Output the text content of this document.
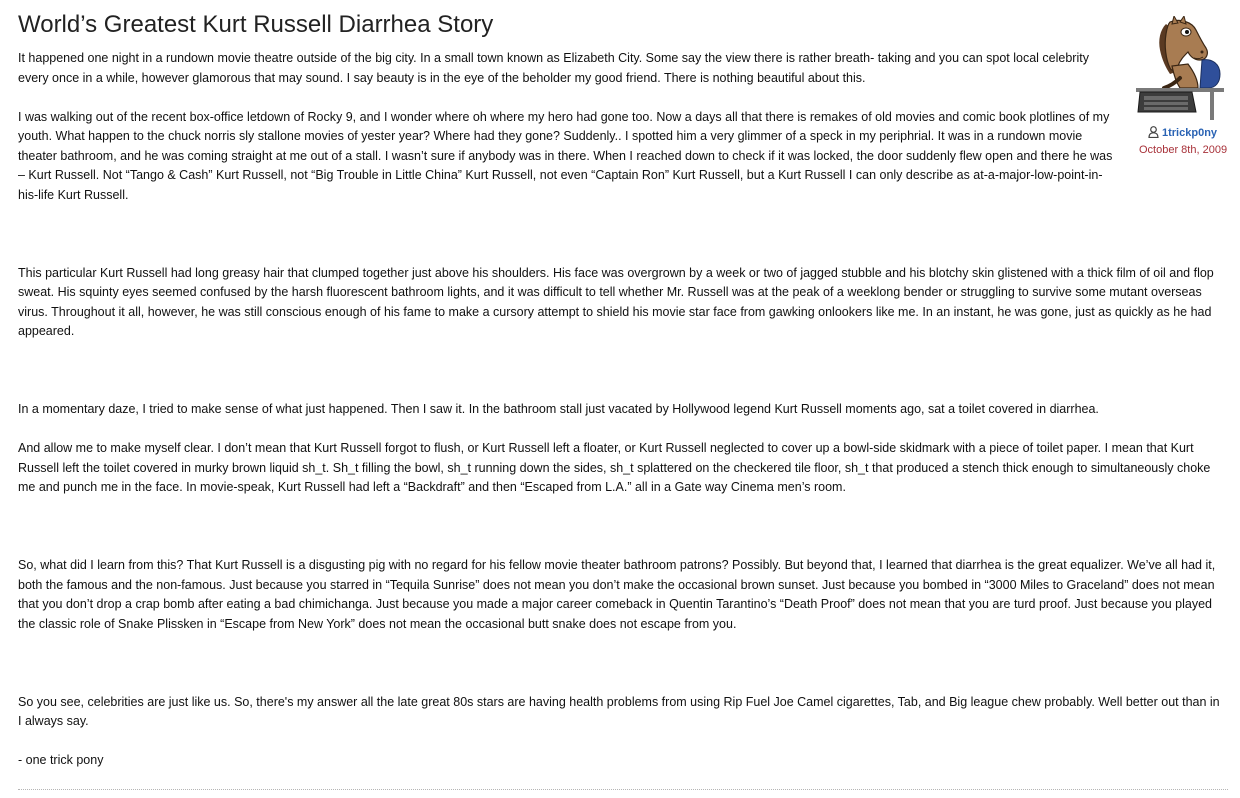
World’s Greatest Kurt Russell Diarrhea Story
1trickp0ny
October 8th, 2009

It happened one night in a rundown movie theatre outside of the big city. In a small town known as Elizabeth City. Some say the view there is rather breath- taking and you can spot local celebrity every once in a while, however glamorous that may sound. I say beauty is in the eye of the beholder my good friend. There is nothing beautiful about this.

I was walking out of the recent box-office letdown of Rocky 9, and I wonder where oh where my hero had gone too. Now a days all that there is remakes of old movies and comic book plotlines of my youth. What happen to the chuck norris sly stallone movies of yester year? Where had they gone? Suddenly.. I spotted him a very glimmer of a speck in my periphrial. It was in a rundown movie theater bathroom, and he was coming straight at me out of a stall. I wasn’t sure if anybody was in there. When I reached down to check if it was locked, the door suddenly flew open and there he was – Kurt Russell. Not “Tango & Cash” Kurt Russell, not “Big Trouble in Little China” Kurt Russell, not even “Captain Ron” Kurt Russell, but a Kurt Russell I can only describe as at-a-major-low-point-in-his-life Kurt Russell.

This particular Kurt Russell had long greasy hair that clumped together just above his shoulders. His face was overgrown by a week or two of jagged stubble and his blotchy skin glistened with a thick film of oil and flop sweat. His squinty eyes seemed confused by the harsh fluorescent bathroom lights, and it was difficult to tell whether Mr. Russell was at the peak of a weeklong bender or struggling to survive some mutant overseas virus. Throughout it all, however, he was still conscious enough of his fame to make a cursory attempt to shield his movie star face from gawking onlookers like me. In an instant, he was gone, just as quickly as he had appeared.

In a momentary daze, I tried to make sense of what just happened. Then I saw it. In the bathroom stall just vacated by Hollywood legend Kurt Russell moments ago, sat a toilet covered in diarrhea.

And allow me to make myself clear. I don’t mean that Kurt Russell forgot to flush, or Kurt Russell left a floater, or Kurt Russell neglected to cover up a bowl-side skidmark with a piece of toilet paper. I mean that Kurt Russell left the toilet covered in murky brown liquid sh_t. Sh_t filling the bowl, sh_t running down the sides, sh_t splattered on the checkered tile floor, sh_t that produced a stench thick enough to simultaneously choke me and punch me in the face. In movie-speak, Kurt Russell had left a “Backdraft” and then “Escaped from L.A.” all in a Gate way Cinema men’s room.

So, what did I learn from this? That Kurt Russell is a disgusting pig with no regard for his fellow movie theater bathroom patrons? Possibly. But beyond that, I learned that diarrhea is the great equalizer. We’ve all had it, both the famous and the non-famous. Just because you starred in “Tequila Sunrise” does not mean you don’t make the occasional brown sunset. Just because you bombed in “3000 Miles to Graceland” does not mean that you don’t drop a crap bomb after eating a bad chimichanga. Just because you made a major career comeback in Quentin Tarantino’s “Death Proof” does not mean that you are turd proof. Just because you played the classic role of Snake Plissken in “Escape from New York” does not mean the occasional butt snake does not escape from you.

So you see, celebrities are just like us. So, there's my answer all the late great 80s stars are having health problems from using Rip Fuel Joe Camel cigarettes, Tab, and Big league chew probably. Well better out than in I always say.

- one trick pony
